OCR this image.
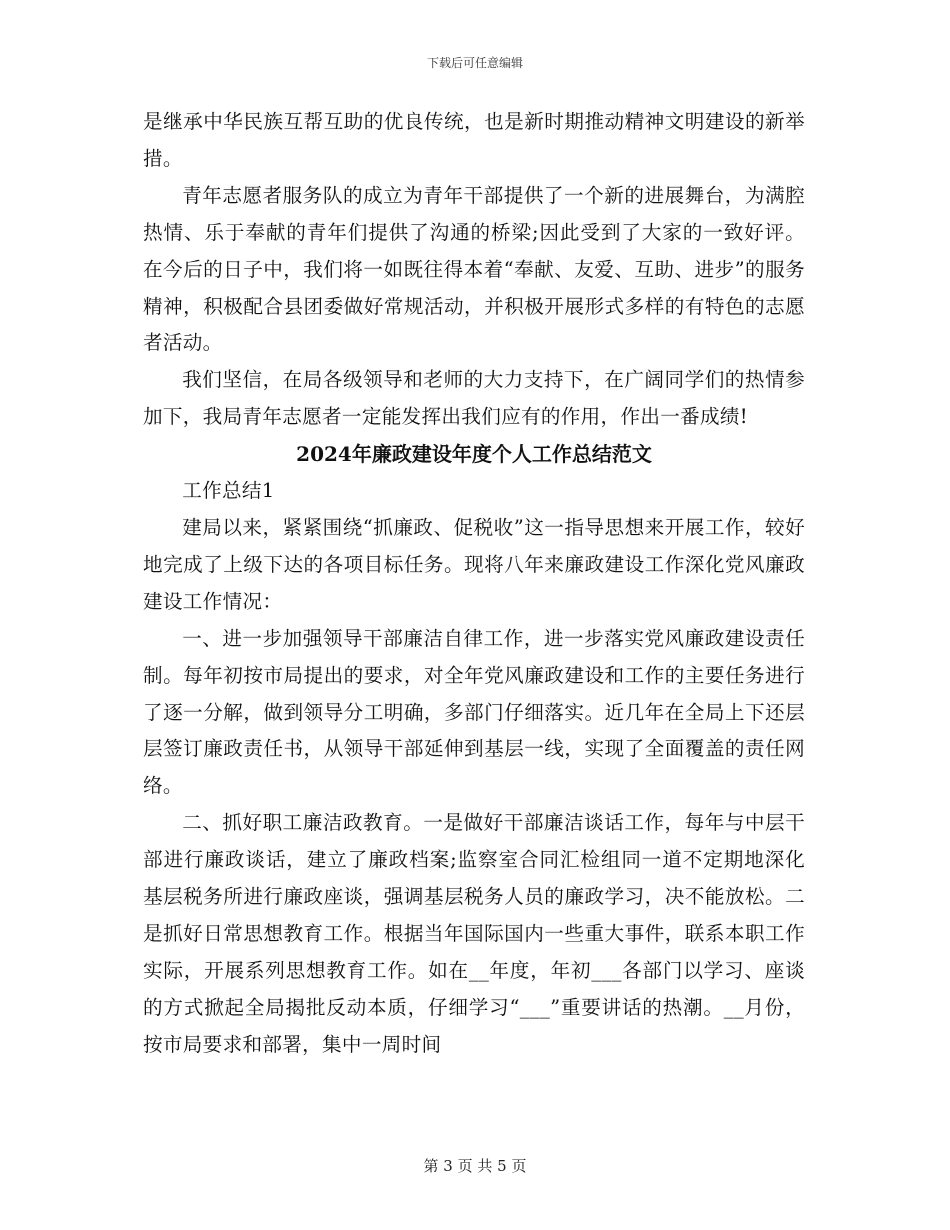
下载后可任意编辑

是继承中华民族互帮互助的优良传统，也是新时期推动精神文明建设的新举措。

青年志愿者服务队的成立为青年干部提供了一个新的进展舞台，为满腔热情、乐于奉献的青年们提供了沟通的桥梁;因此受到了大家的一致好评。在今后的日子中，我们将一如既往得本着“奉献、友爱、互助、进步”的服务精神，积极配合县团委做好常规活动，并积极开展形式多样的有特色的志愿者活动。

我们坚信，在局各级领导和老师的大力支持下，在广阔同学们的热情参加下，我局青年志愿者一定能发挥出我们应有的作用，作出一番成绩!

2024年廉政建设年度个人工作总结范文

工作总结1

建局以来，紧紧围绕“抓廉政、促税收”这一指导思想来开展工作，较好地完成了上级下达的各项目标任务。现将八年来廉政建设工作深化党风廉政建设工作情况：

一、进一步加强领导干部廉洁自律工作，进一步落实党风廉政建设责任制。每年初按市局提出的要求，对全年党风廉政建设和工作的主要任务进行了逐一分解，做到领导分工明确，多部门仔细落实。近几年在全局上下还层层签订廉政责任书，从领导干部延伸到基层一线，实现了全面覆盖的责任网络。

二、抓好职工廉洁政教育。一是做好干部廉洁谈话工作，每年与中层干部进行廉政谈话，建立了廉政档案;监察室合同汇检组同一道不定期地深化基层税务所进行廉政座谈，强调基层税务人员的廉政学习，决不能放松。二是抓好日常思想教育工作。根据当年国际国内一些重大事件，联系本职工作实际，开展系列思想教育工作。如在__年度，年初___各部门以学习、座谈的方式掀起全局揭批反动本质，仔细学习“___”重要讲话的热潮。__月份，按市局要求和部署，集中一周时间

第 3 页 共 5 页
